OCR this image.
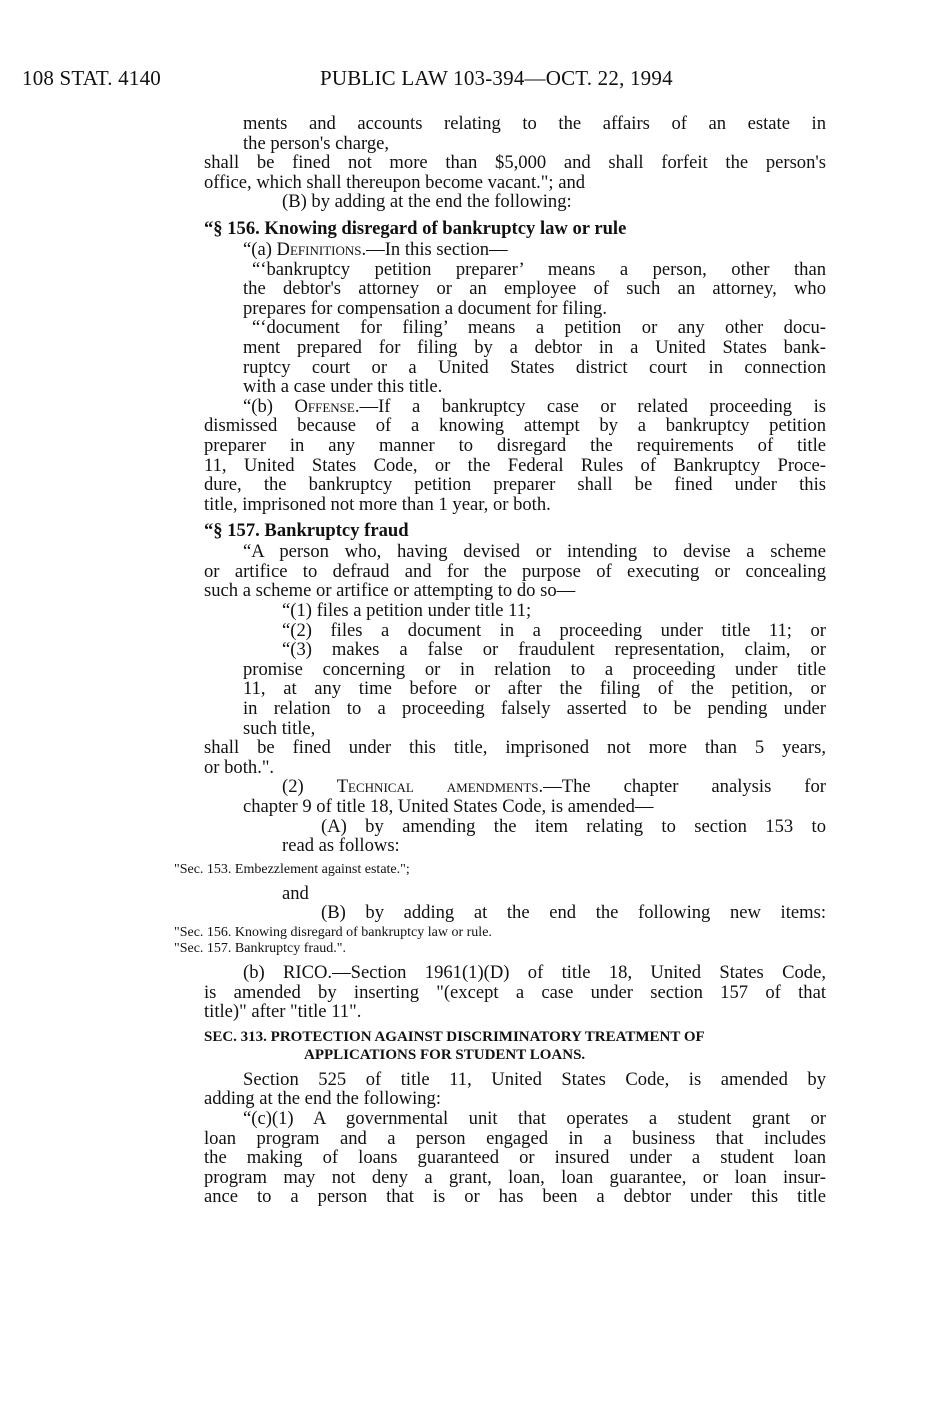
108 STAT. 4140	PUBLIC LAW 103-394—OCT. 22, 1994
ments and accounts relating to the affairs of an estate in
the person's charge,
shall be fined not more than $5,000 and shall forfeit the person's
office, which shall thereupon become vacant."; and
(B) by adding at the end the following:
“§ 156. Knowing disregard of bankruptcy law or rule
“(a) Definitions.—In this section—
“‘bankruptcy petition preparer’ means a person, other than
the debtor's attorney or an employee of such an attorney, who
prepares for compensation a document for filing.
“‘document for filing’ means a petition or any other docu-
ment prepared for filing by a debtor in a United States bank-
ruptcy court or a United States district court in connection
with a case under this title.
“(b) Offense.—If a bankruptcy case or related proceeding is
dismissed because of a knowing attempt by a bankruptcy petition
preparer in any manner to disregard the requirements of title
11, United States Code, or the Federal Rules of Bankruptcy Proce-
dure, the bankruptcy petition preparer shall be fined under this
title, imprisoned not more than 1 year, or both.
“§ 157. Bankruptcy fraud
“A person who, having devised or intending to devise a scheme
or artifice to defraud and for the purpose of executing or concealing
such a scheme or artifice or attempting to do so—
“(1) files a petition under title 11;
“(2) files a document in a proceeding under title 11; or
“(3) makes a false or fraudulent representation, claim, or
promise concerning or in relation to a proceeding under title
11, at any time before or after the filing of the petition, or
in relation to a proceeding falsely asserted to be pending under
such title,
shall be fined under this title, imprisoned not more than 5 years,
or both.".
(2) Technical amendments.—The chapter analysis for
chapter 9 of title 18, United States Code, is amended—
(A) by amending the item relating to section 153 to
read as follows:
"Sec. 153. Embezzlement against estate.";
and
(B) by adding at the end the following new items:
"Sec. 156. Knowing disregard of bankruptcy law or rule.
"Sec. 157. Bankruptcy fraud.".
(b) RICO.—Section 1961(1)(D) of title 18, United States Code,
is amended by inserting "(except a case under section 157 of that
title)" after "title 11".
SEC. 313. PROTECTION AGAINST DISCRIMINATORY TREATMENT OF
APPLICATIONS FOR STUDENT LOANS.
Section 525 of title 11, United States Code, is amended by
adding at the end the following:
“(c)(1) A governmental unit that operates a student grant or
loan program and a person engaged in a business that includes
the making of loans guaranteed or insured under a student loan
program may not deny a grant, loan, loan guarantee, or loan insur-
ance to a person that is or has been a debtor under this title
